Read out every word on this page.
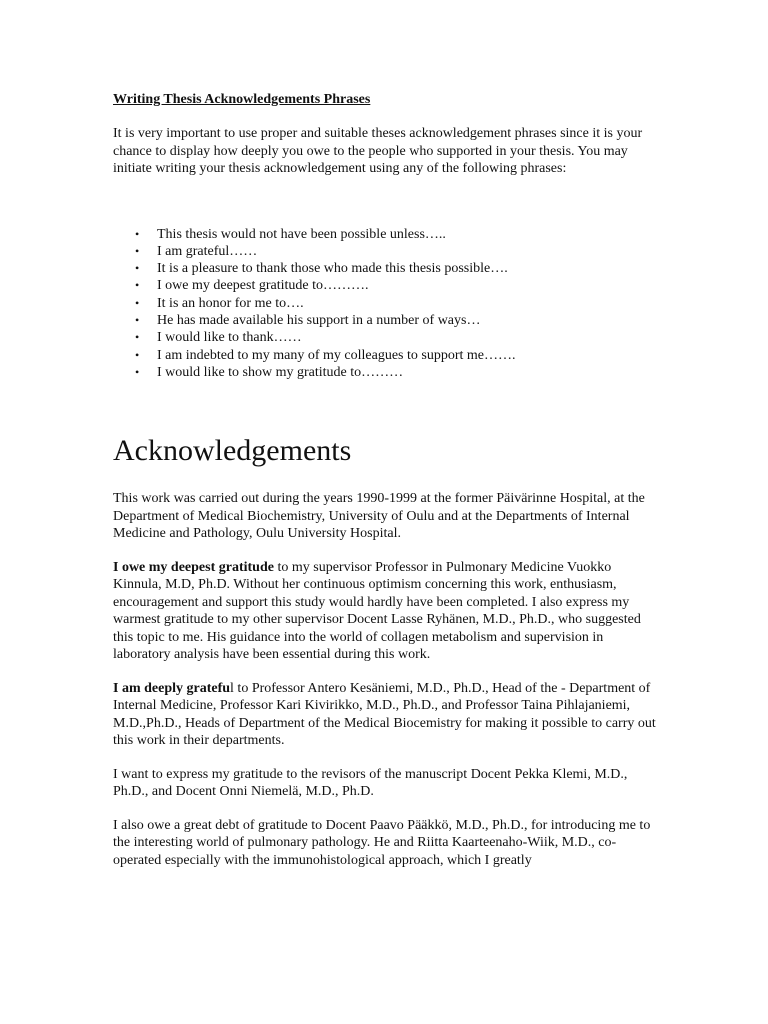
Writing Thesis Acknowledgements Phrases

It is very important to use proper and suitable theses acknowledgement phrases since it is your chance to display how deeply you owe to the people who supported in your thesis. You may initiate writing your thesis acknowledgement using any of the following phrases:

• This thesis would not have been possible unless…..
• I am grateful……
• It is a pleasure to thank those who made this thesis possible….
• I owe my deepest gratitude to……….
• It is an honor for me to….
• He has made available his support in a number of ways…
• I would like to thank……
• I am indebted to my many of my colleagues to support me…….
• I would like to show my gratitude to………
Acknowledgements

This work was carried out during the years 1990-1999 at the former Päivärinne Hospital, at the Department of Medical Biochemistry, University of Oulu and at the Departments of Internal Medicine and Pathology, Oulu University Hospital.

I owe my deepest gratitude to my supervisor Professor in Pulmonary Medicine Vuokko Kinnula, M.D, Ph.D. Without her continuous optimism concerning this work, enthusiasm, encouragement and support this study would hardly have been completed. I also express my warmest gratitude to my other supervisor Docent Lasse Ryhänen, M.D., Ph.D., who suggested this topic to me. His guidance into the world of collagen metabolism and supervision in laboratory analysis have been essential during this work.

I am deeply grateful to Professor Antero Kesäniemi, M.D., Ph.D., Head of the - Department of Internal Medicine, Professor Kari Kivirikko, M.D., Ph.D., and Professor Taina Pihlajaniemi, M.D.,Ph.D., Heads of Department of the Medical Biocemistry for making it possible to carry out this work in their departments.

I want to express my gratitude to the revisors of the manuscript Docent Pekka Klemi, M.D., Ph.D., and Docent Onni Niemelä, M.D., Ph.D.

I also owe a great debt of gratitude to Docent Paavo Pääkkö, M.D., Ph.D., for introducing me to the interesting world of pulmonary pathology. He and Riitta Kaarteenaho-Wiik, M.D., co-operated especially with the immunohistological approach, which I greatly
